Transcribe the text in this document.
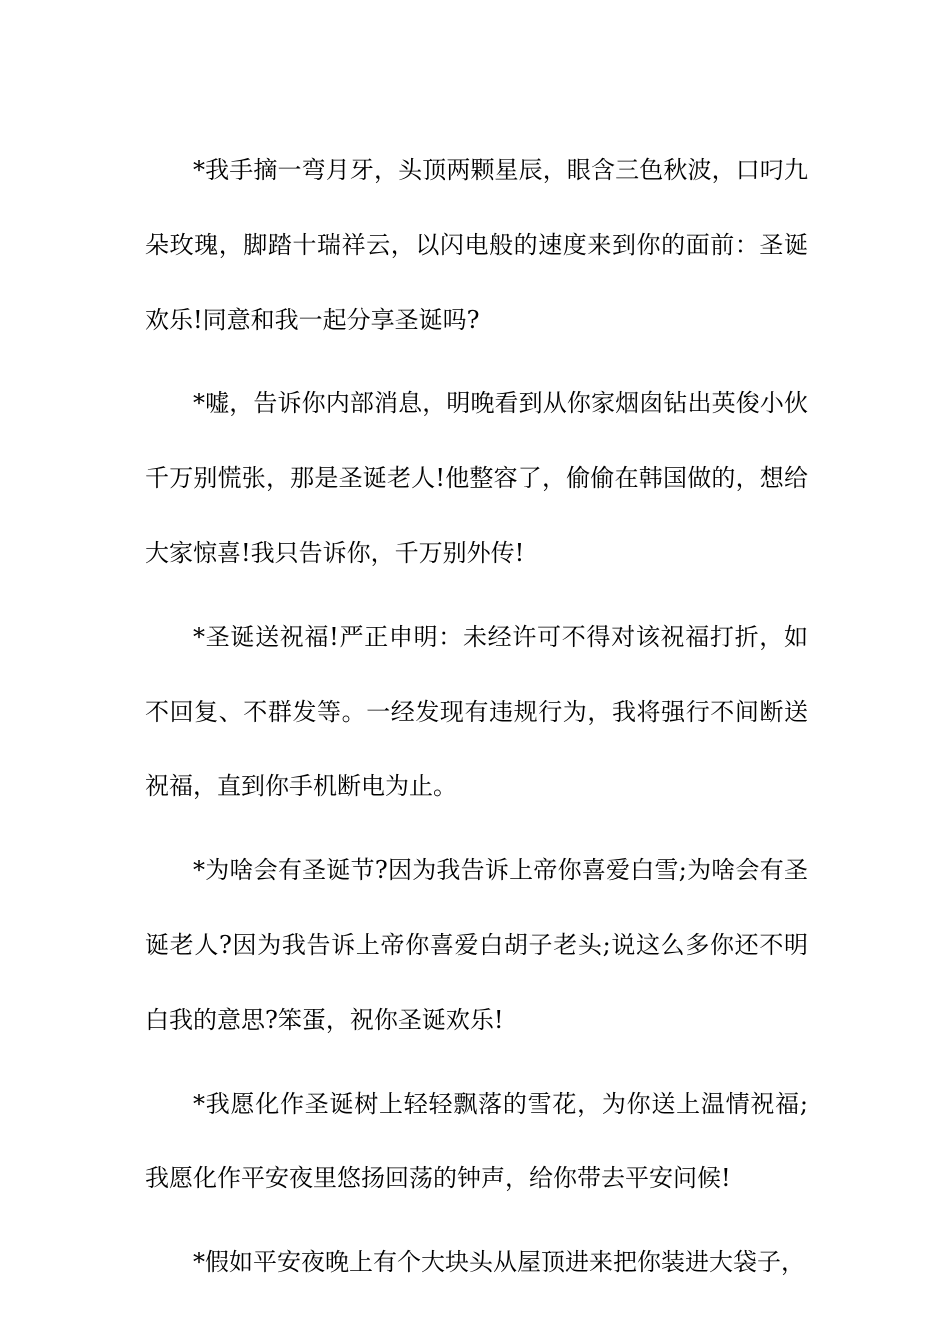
*我手摘一弯月牙，头顶两颗星辰，眼含三色秋波，口叼九朵玫瑰，脚踏十瑞祥云，以闪电般的速度来到你的面前：圣诞欢乐!同意和我一起分享圣诞吗?

*嘘，告诉你内部消息，明晚看到从你家烟囱钻出英俊小伙千万别慌张，那是圣诞老人!他整容了，偷偷在韩国做的，想给大家惊喜!我只告诉你，千万别外传!

*圣诞送祝福!严正申明：未经许可不得对该祝福打折，如不回复、不群发等。一经发现有违规行为，我将强行不间断送祝福，直到你手机断电为止。

*为啥会有圣诞节?因为我告诉上帝你喜爱白雪;为啥会有圣诞老人?因为我告诉上帝你喜爱白胡子老头;说这么多你还不明白我的意思?笨蛋，祝你圣诞欢乐!

*我愿化作圣诞树上轻轻飘落的雪花，为你送上温情祝福;我愿化作平安夜里悠扬回荡的钟声，给你带去平安问候!

*假如平安夜晚上有个大块头从屋顶进来把你装进大袋子，
